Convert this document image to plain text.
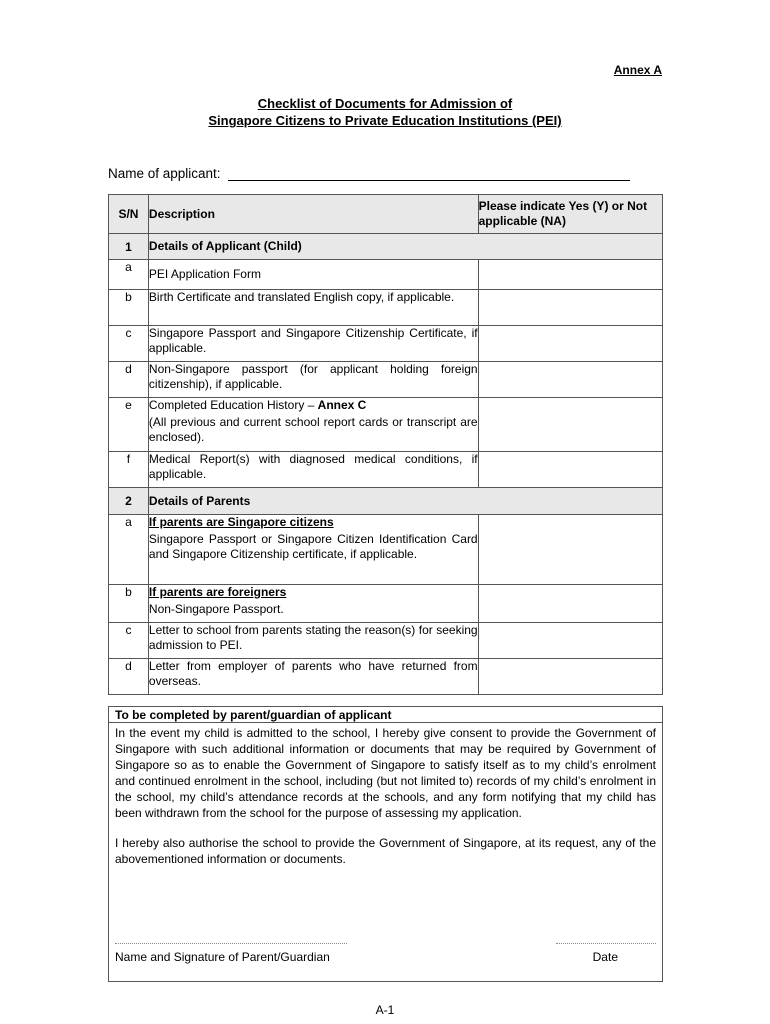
Annex A
Checklist of Documents for Admission of
Singapore Citizens to Private Education Institutions (PEI)
Name of applicant:
S/N	Description	Please indicate Yes (Y) or Not applicable (NA)
1	Details of Applicant (Child)	
a	PEI Application Form	
b	Birth Certificate and translated English copy, if applicable.	
c	Singapore Passport and Singapore Citizenship Certificate, if applicable.	
d	Non-Singapore passport (for applicant holding foreign citizenship), if applicable.	
e	Completed Education History – Annex C
(All previous and current school report cards or transcript are enclosed).	

f	Medical Report(s) with diagnosed medical conditions, if applicable.	
2	Details of Parents	
a	If parents are Singapore citizens
Singapore Passport or Singapore Citizen Identification Card and Singapore Citizenship certificate, if applicable.	

b	If parents are foreigners
Non-Singapore Passport.	

c	Letter to school from parents stating the reason(s) for seeking admission to PEI.	
d	Letter from employer of parents who have returned from overseas.	
To be completed by parent/guardian of applicant

In the event my child is admitted to the school, I hereby give consent to provide the Government of Singapore with such additional information or documents that may be required by Government of Singapore so as to enable the Government of Singapore to satisfy itself as to my child’s enrolment and continued enrolment in the school, including (but not limited to) records of my child’s enrolment in the school, my child’s attendance records at the schools, and any form notifying that my child has been withdrawn from the school for the purpose of assessing my application.

I hereby also authorise the school to provide the Government of Singapore, at its request, any of the abovementioned information or documents.

Name and Signature of Parent/Guardian	Date
A-1
